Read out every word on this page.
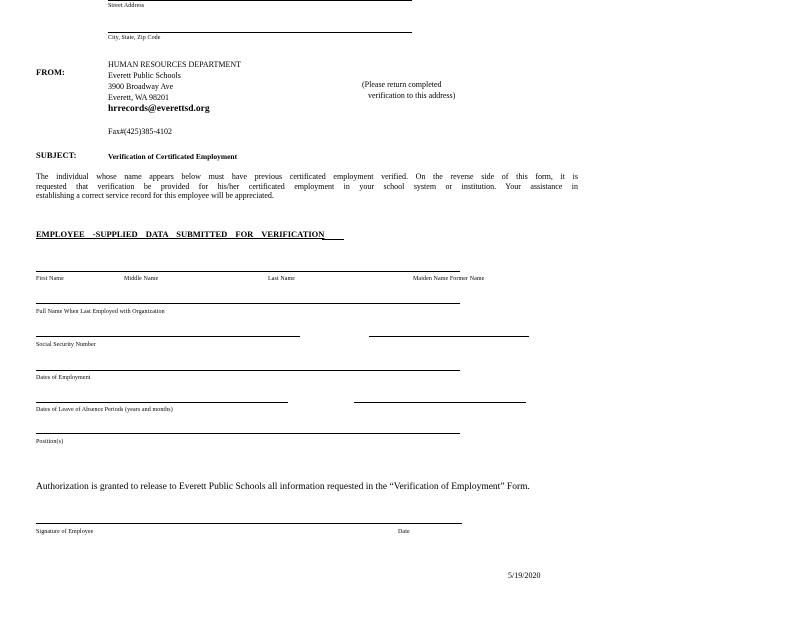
Street Address
City, State, Zip Code
FROM:
HUMAN RESOURCES DEPARTMENT
Everett Public Schools
3900 Broadway Ave
Everett, WA 98201
hrrecords@everettsd.org
Fax#(425)385-4102
(Please return completed
verification to this address)
SUBJECT:	Verification of Certificated Employment
The individual whose name appears below must have previous certificated employment verified. On the reverse side of this form, it is
requested that verification be provided for his/her certificated employment in your school system or institution. Your assistance in
establishing a correct service record for this employee will be appreciated.
EMPLOYEE -SUPPLIED DATA SUBMITTED FOR VERIFICATION
First Name	Middle Name	Last Name	Maiden Name Former Name
Full Name When Last Employed with Organization
Social Security Number
Dates of Employment
Dates of Leave of Absence Periods (years and months)
Position(s)
Authorization is granted to release to Everett Public Schools all information requested in the “Verification of Employment” Form.
Signature of Employee	Date
5/19/2020
